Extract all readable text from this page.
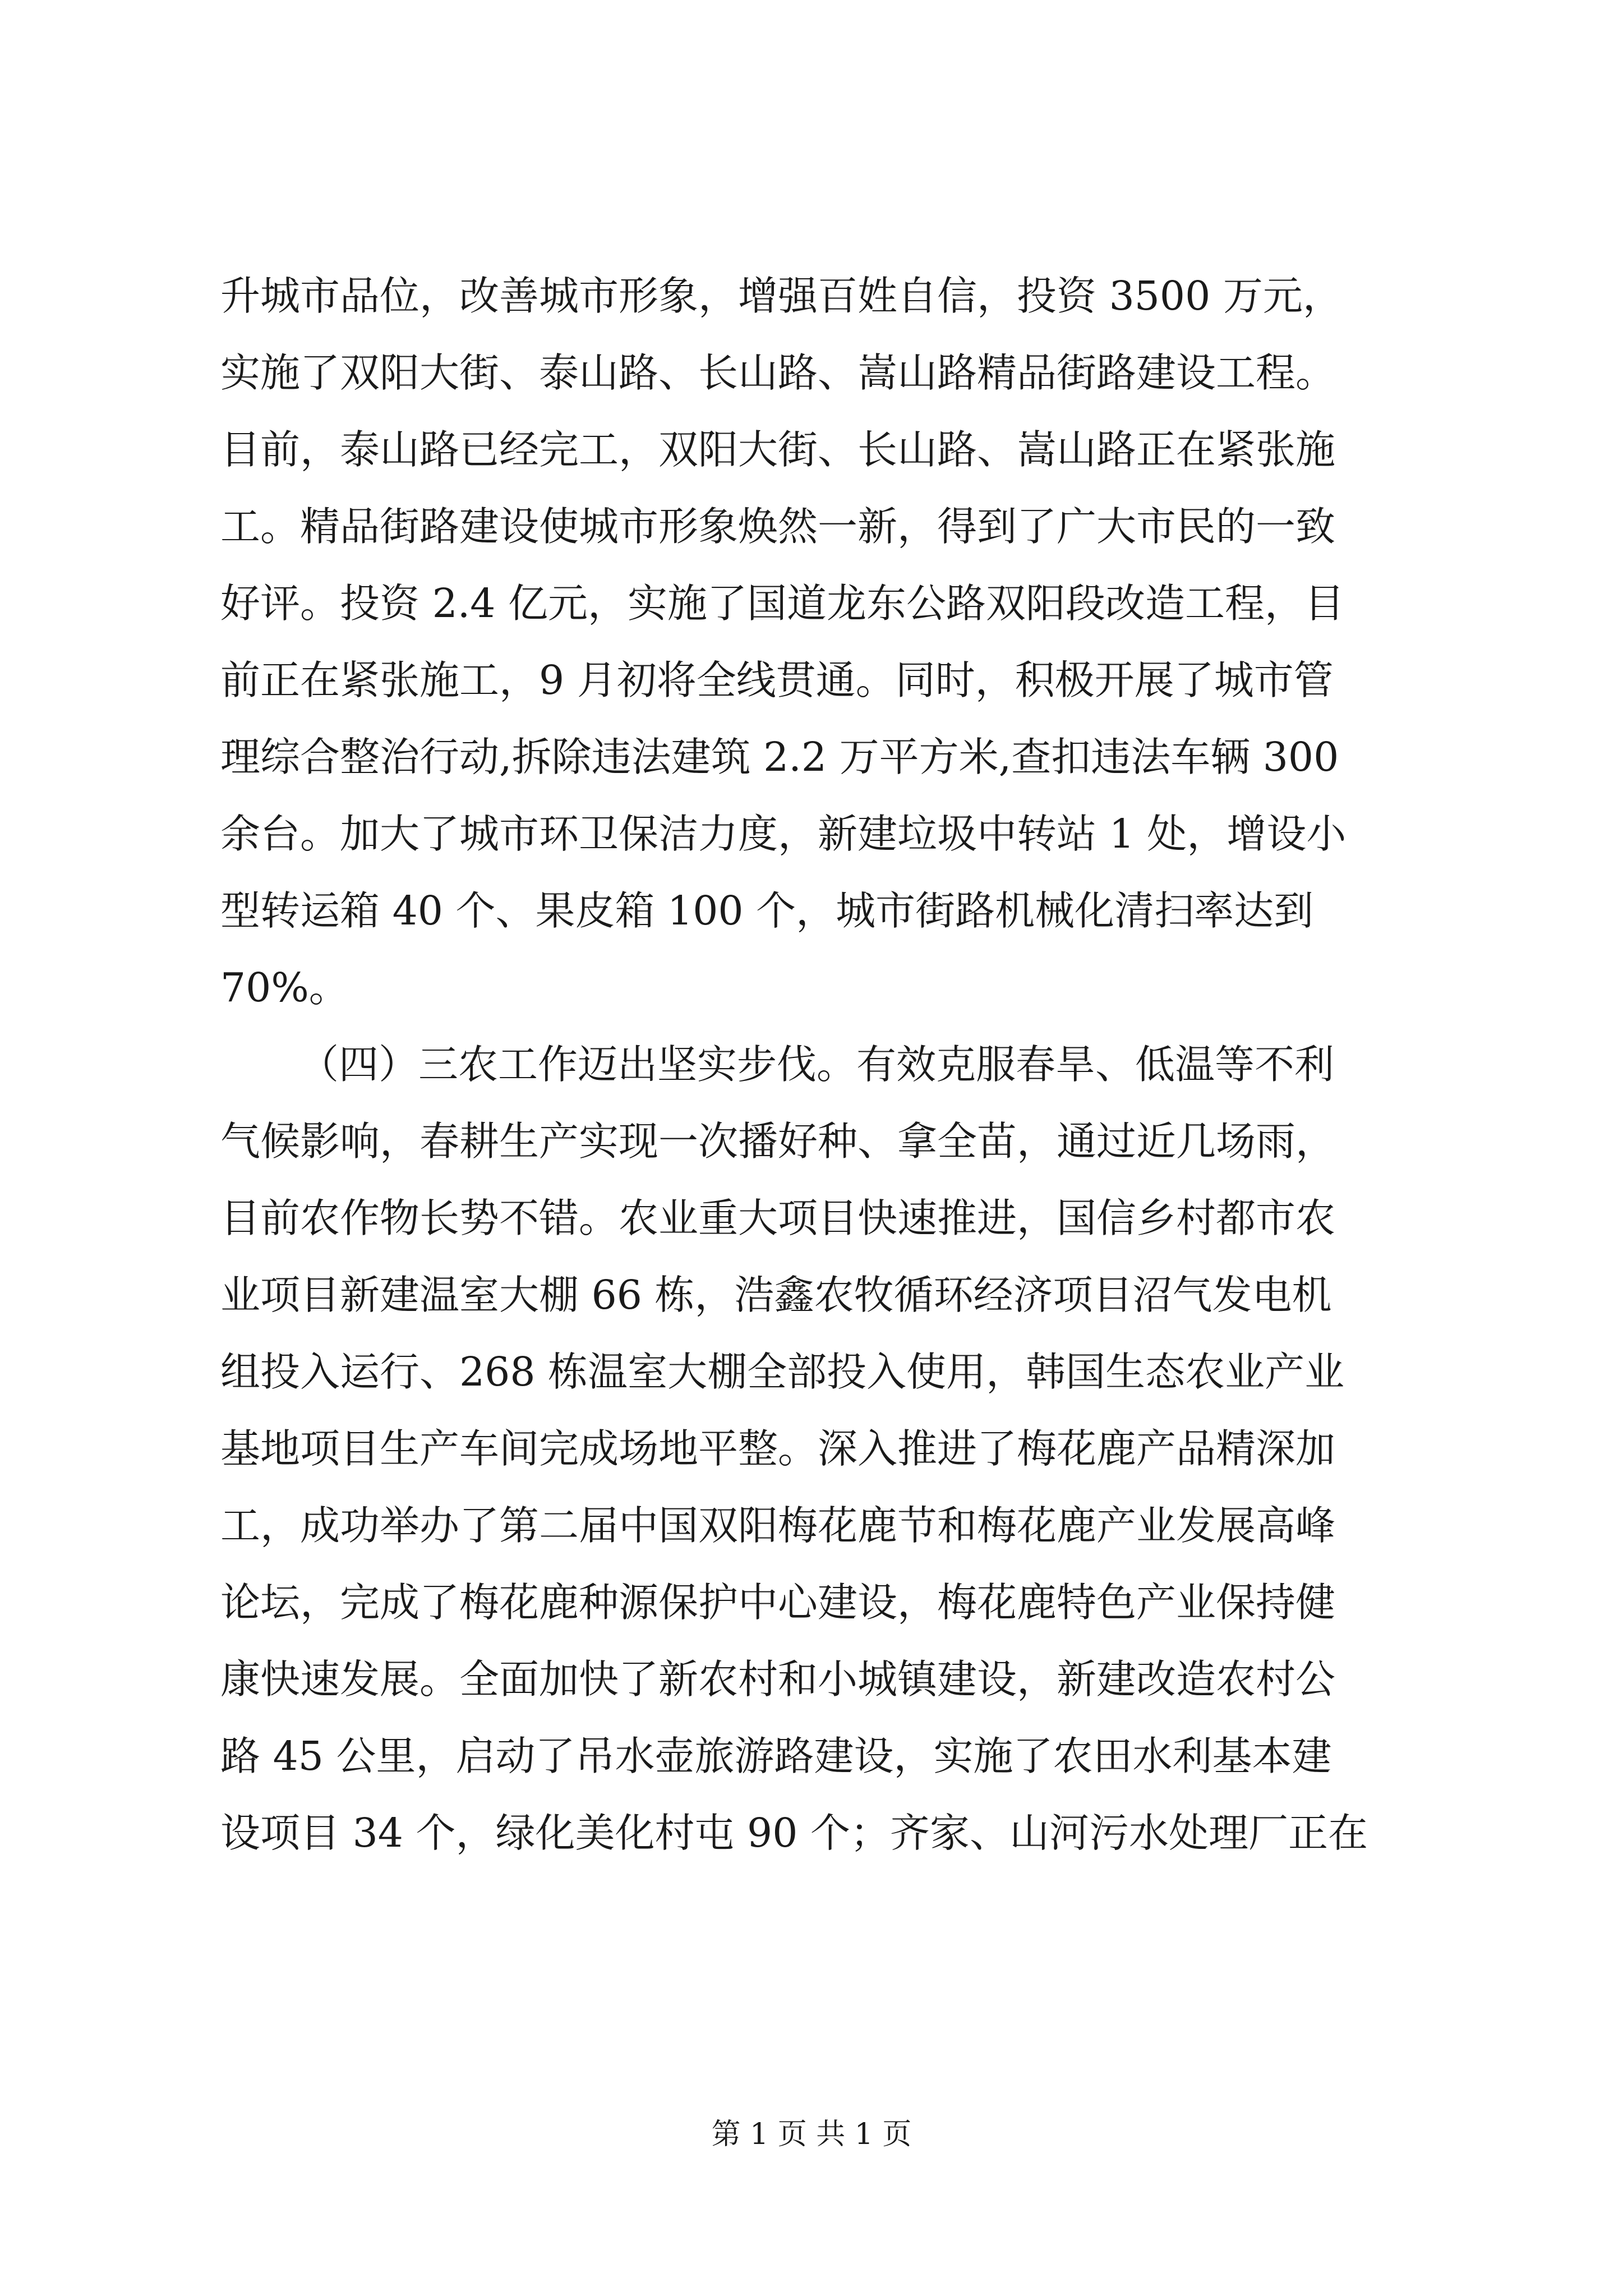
升城市品位，改善城市形象，增强百姓自信，投资 3500 万元，
实施了双阳大街、泰山路、长山路、嵩山路精品街路建设工程。
目前，泰山路已经完工，双阳大街、长山路、嵩山路正在紧张施
工。精品街路建设使城市形象焕然一新，得到了广大市民的一致
好评。投资 2.4 亿元，实施了国道龙东公路双阳段改造工程，目
前正在紧张施工，9 月初将全线贯通。同时，积极开展了城市管
理综合整治行动,拆除违法建筑 2.2 万平方米,查扣违法车辆 300
余台。加大了城市环卫保洁力度，新建垃圾中转站 1 处，增设小
型转运箱 40 个、果皮箱 100 个，城市街路机械化清扫率达到
70%。
（四）三农工作迈出坚实步伐。有效克服春旱、低温等不利
气候影响，春耕生产实现一次播好种、拿全苗，通过近几场雨，
目前农作物长势不错。农业重大项目快速推进，国信乡村都市农
业项目新建温室大棚 66 栋，浩鑫农牧循环经济项目沼气发电机
组投入运行、268 栋温室大棚全部投入使用，韩国生态农业产业
基地项目生产车间完成场地平整。深入推进了梅花鹿产品精深加
工，成功举办了第二届中国双阳梅花鹿节和梅花鹿产业发展高峰
论坛，完成了梅花鹿种源保护中心建设，梅花鹿特色产业保持健
康快速发展。全面加快了新农村和小城镇建设，新建改造农村公
路 45 公里，启动了吊水壶旅游路建设，实施了农田水利基本建
设项目 34 个，绿化美化村屯 90 个；齐家、山河污水处理厂正在
第 1 页 共 1 页
